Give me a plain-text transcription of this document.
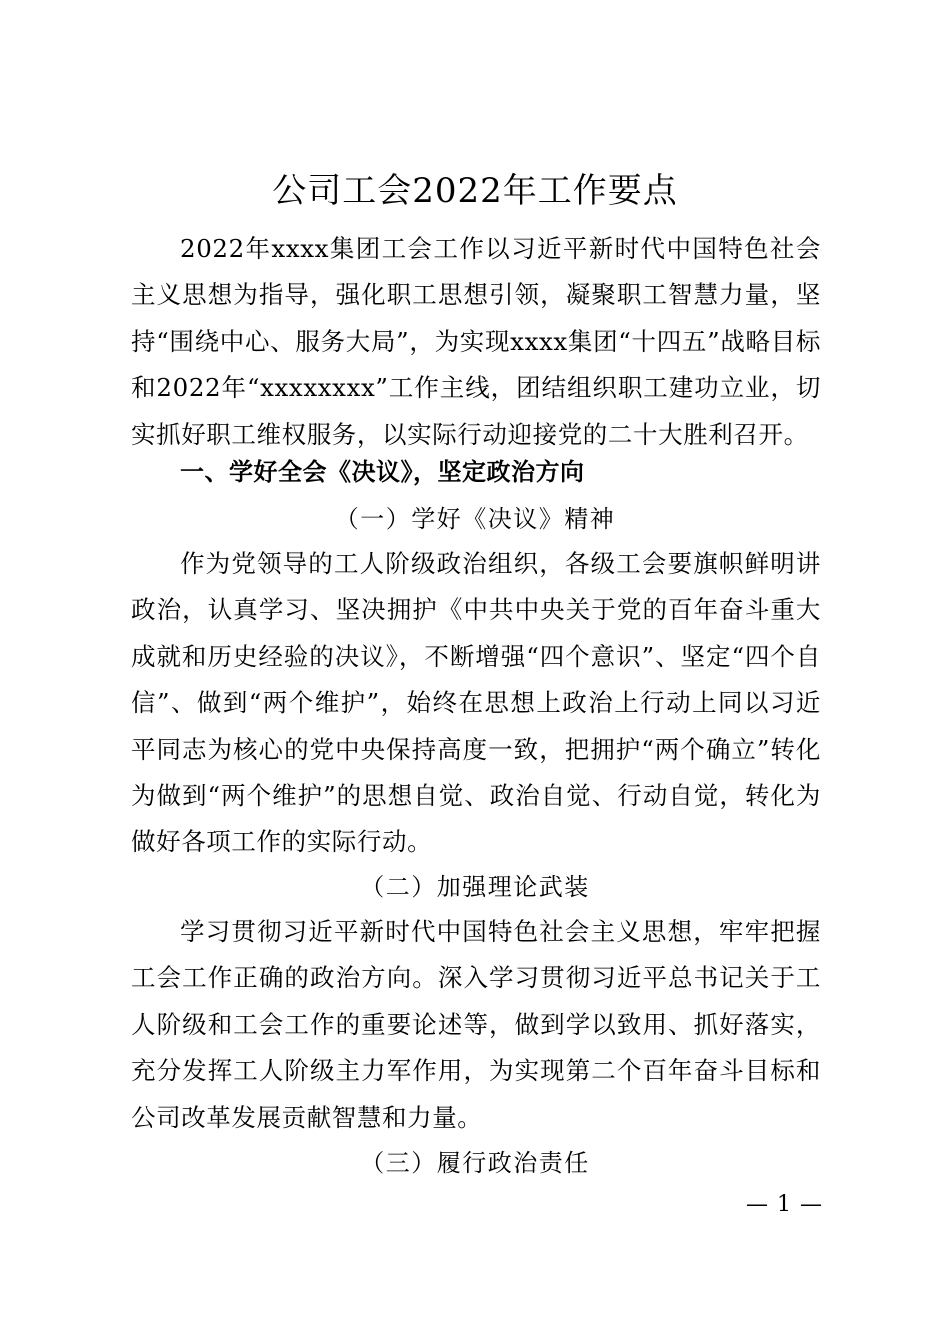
公司工会2022年工作要点

2022年xxxx集团工会工作以习近平新时代中国特色社会主义思想为指导，强化职工思想引领，凝聚职工智慧力量，坚持“围绕中心、服务大局”，为实现xxxx集团“十四五”战略目标和2022年“xxxxxxxx”工作主线，团结组织职工建功立业，切实抓好职工维权服务，以实际行动迎接党的二十大胜利召开。

一、学好全会《决议》，坚定政治方向
（一）学好《决议》精神

作为党领导的工人阶级政治组织，各级工会要旗帜鲜明讲政治，认真学习、坚决拥护《中共中央关于党的百年奋斗重大成就和历史经验的决议》，不断增强“四个意识”、坚定“四个自信”、做到“两个维护”，始终在思想上政治上行动上同以习近平同志为核心的党中央保持高度一致，把拥护“两个确立”转化为做到“两个维护”的思想自觉、政治自觉、行动自觉，转化为做好各项工作的实际行动。

（二）加强理论武装

学习贯彻习近平新时代中国特色社会主义思想，牢牢把握工会工作正确的政治方向。深入学习贯彻习近平总书记关于工人阶级和工会工作的重要论述等，做到学以致用、抓好落实，充分发挥工人阶级主力军作用，为实现第二个百年奋斗目标和公司改革发展贡献智慧和力量。

（三）履行政治责任
— 1 —
